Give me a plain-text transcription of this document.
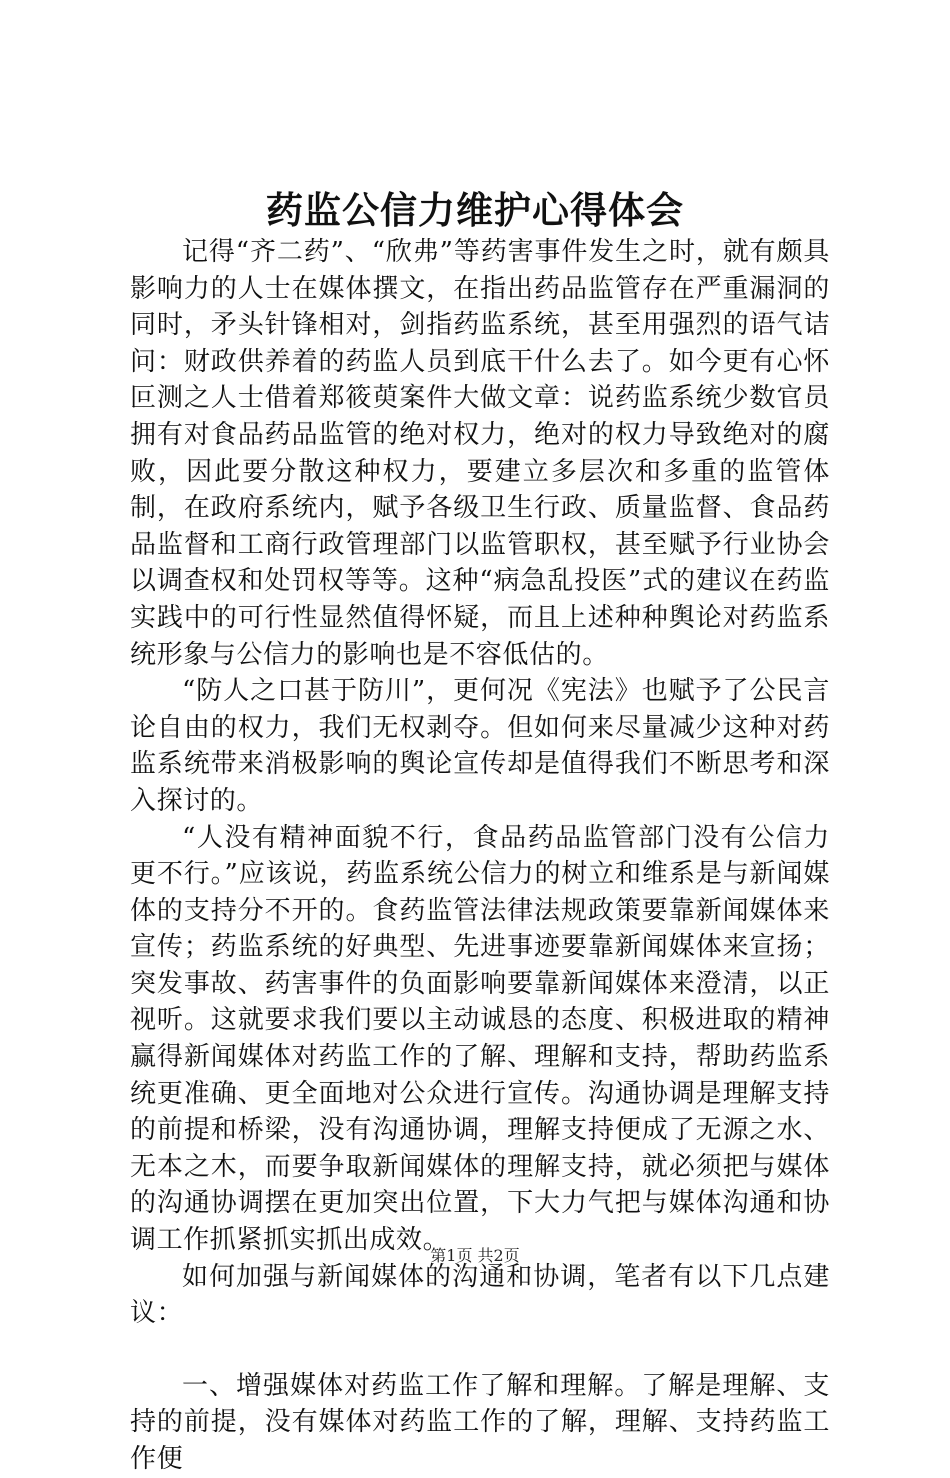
药监公信力维护心得体会

记得“齐二药”、“欣弗”等药害事件发生之时，就有颇具影响力的人士在媒体撰文，在指出药品监管存在严重漏洞的同时，矛头针锋相对，剑指药监系统，甚至用强烈的语气诘问：财政供养着的药监人员到底干什么去了。如今更有心怀叵测之人士借着郑筱萸案件大做文章：说药监系统少数官员拥有对食品药品监管的绝对权力，绝对的权力导致绝对的腐败，因此要分散这种权力，要建立多层次和多重的监管体制，在政府系统内，赋予各级卫生行政、质量监督、食品药品监督和工商行政管理部门以监管职权，甚至赋予行业协会以调查权和处罚权等等。这种“病急乱投医”式的建议在药监实践中的可行性显然值得怀疑，而且上述种种舆论对药监系统形象与公信力的影响也是不容低估的。

“防人之口甚于防川”，更何况《宪法》也赋予了公民言论自由的权力，我们无权剥夺。但如何来尽量减少这种对药监系统带来消极影响的舆论宣传却是值得我们不断思考和深入探讨的。

“人没有精神面貌不行，食品药品监管部门没有公信力更不行。”应该说，药监系统公信力的树立和维系是与新闻媒体的支持分不开的。食药监管法律法规政策要靠新闻媒体来宣传；药监系统的好典型、先进事迹要靠新闻媒体来宣扬；突发事故、药害事件的负面影响要靠新闻媒体来澄清，以正视听。这就要求我们要以主动诚恳的态度、积极进取的精神赢得新闻媒体对药监工作的了解、理解和支持，帮助药监系统更准确、更全面地对公众进行宣传。沟通协调是理解支持的前提和桥梁，没有沟通协调，理解支持便成了无源之水、无本之木，而要争取新闻媒体的理解支持，就必须把与媒体的沟通协调摆在更加突出位置，下大力气把与媒体沟通和协调工作抓紧抓实抓出成效。

如何加强与新闻媒体的沟通和协调，笔者有以下几点建议：

一、增强媒体对药监工作了解和理解。了解是理解、支持的前提，没有媒体对药监工作的了解，理解、支持药监工作便

第1页 共2页
